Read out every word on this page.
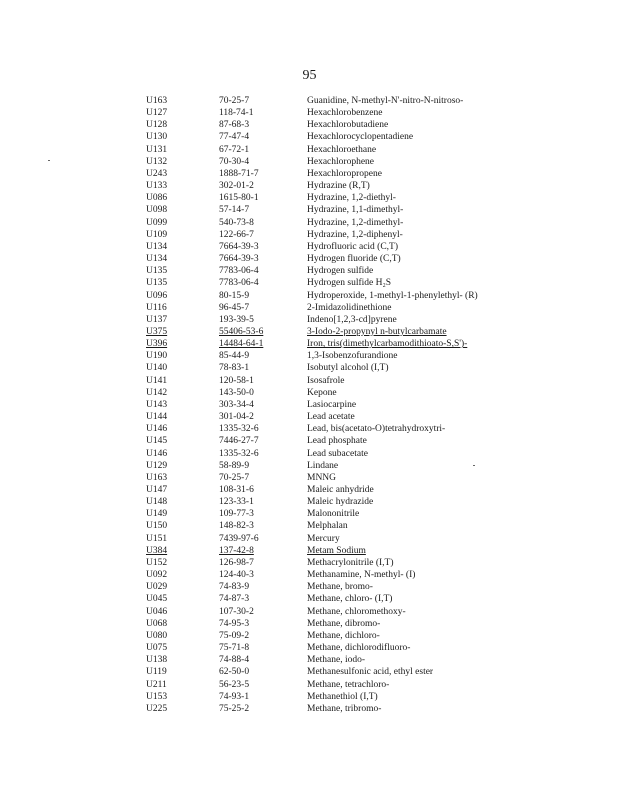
95
U163	70-25-7	Guanidine, N-methyl-N'-nitro-N-nitroso-
U127	118-74-1	Hexachlorobenzene
U128	87-68-3	Hexachlorobutadiene
U130	77-47-4	Hexachlorocyclopentadiene
U131	67-72-1	Hexachloroethane
U132	70-30-4	Hexachlorophene
U243	1888-71-7	Hexachloropropene
U133	302-01-2	Hydrazine (R,T)
U086	1615-80-1	Hydrazine, 1,2-diethyl-
U098	57-14-7	Hydrazine, 1,1-dimethyl-
U099	540-73-8	Hydrazine, 1,2-dimethyl-
U109	122-66-7	Hydrazine, 1,2-diphenyl-
U134	7664-39-3	Hydrofluoric acid (C,T)
U134	7664-39-3	Hydrogen fluoride (C,T)
U135	7783-06-4	Hydrogen sulfide
U135	7783-06-4	Hydrogen sulfide H₂S
U096	80-15-9	Hydroperoxide, 1-methyl-1-phenylethyl- (R)
U116	96-45-7	2-Imidazolidinethione
U137	193-39-5	Indeno[1,2,3-cd]pyrene
U375	55406-53-6	3-Iodo-2-propynyl n-butylcarbamate
U396	14484-64-1	Iron, tris(dimethylcarbamodithioato-S,S')-
U190	85-44-9	1,3-Isobenzofurandione
U140	78-83-1	Isobutyl alcohol (I,T)
U141	120-58-1	Isosafrole
U142	143-50-0	Kepone
U143	303-34-4	Lasiocarpine
U144	301-04-2	Lead acetate
U146	1335-32-6	Lead, bis(acetato-O)tetrahydroxytri-
U145	7446-27-7	Lead phosphate
U146	1335-32-6	Lead subacetate
U129	58-89-9	Lindane
U163	70-25-7	MNNG
U147	108-31-6	Maleic anhydride
U148	123-33-1	Maleic hydrazide
U149	109-77-3	Malononitrile
U150	148-82-3	Melphalan
U151	7439-97-6	Mercury
U384	137-42-8	Metam Sodium
U152	126-98-7	Methacrylonitrile (I,T)
U092	124-40-3	Methanamine, N-methyl- (I)
U029	74-83-9	Methane, bromo-
U045	74-87-3	Methane, chloro- (I,T)
U046	107-30-2	Methane, chloromethoxy-
U068	74-95-3	Methane, dibromo-
U080	75-09-2	Methane, dichloro-
U075	75-71-8	Methane, dichlorodifluoro-
U138	74-88-4	Methane, iodo-
U119	62-50-0	Methanesulfonic acid, ethyl ester
U211	56-23-5	Methane, tetrachloro-
U153	74-93-1	Methanethiol (I,T)
U225	75-25-2	Methane, tribromo-
